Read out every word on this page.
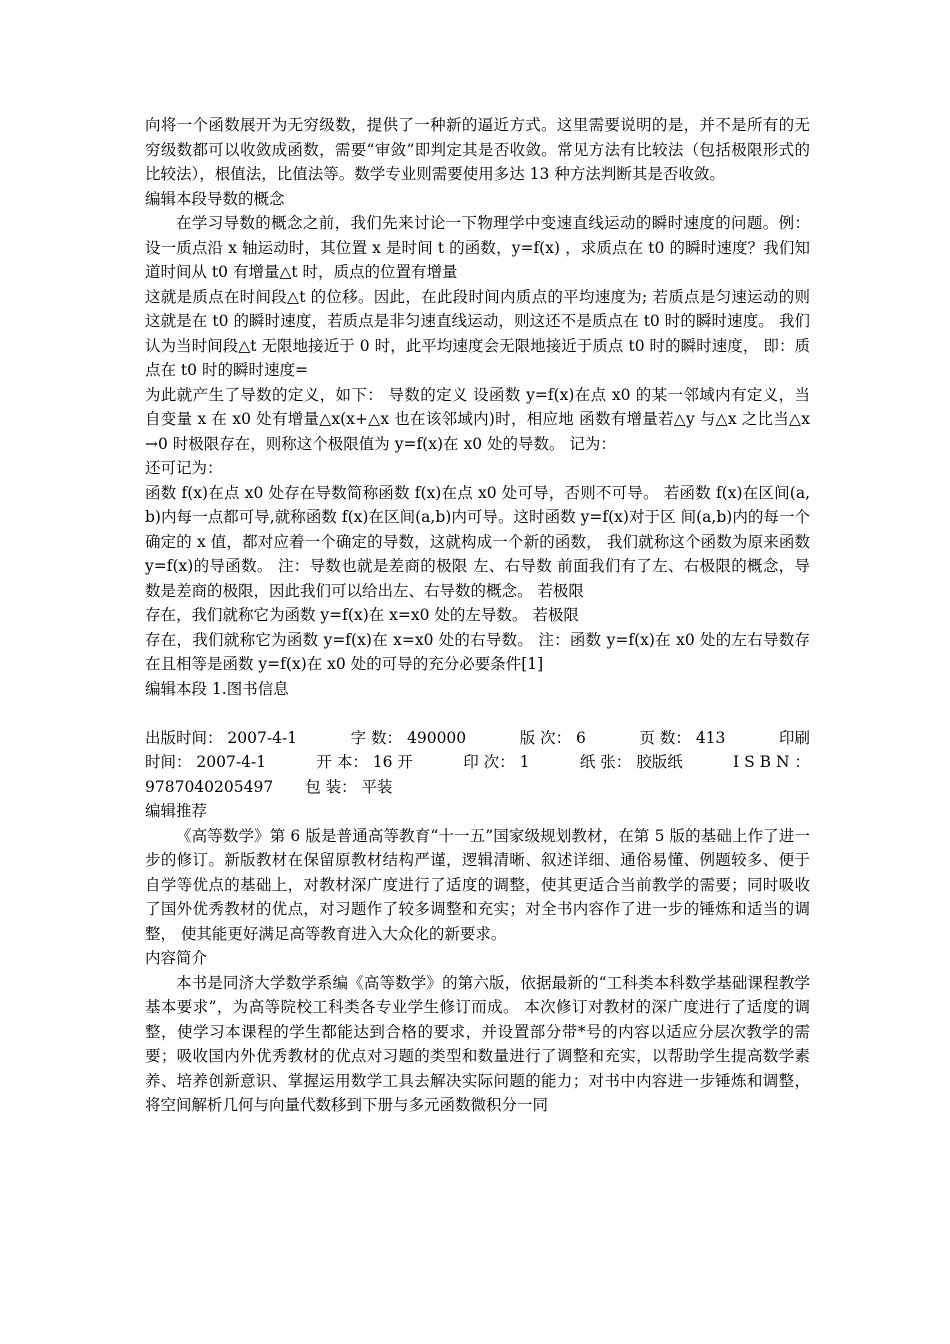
向将一个函数展开为无穷级数，提供了一种新的逼近方式。这里需要说明的是，并不是所有的无穷级数都可以收敛成函数，需要“审敛”即判定其是否收敛。常见方法有比较法（包括极限形式的比较法），根值法，比值法等。数学专业则需要使用多达 13 种方法判断其是否收敛。

编辑本段导数的概念

在学习导数的概念之前，我们先来讨论一下物理学中变速直线运动的瞬时速度的问题。例：设一质点沿 x 轴运动时，其位置 x 是时间 t 的函数，y=f(x) ，求质点在 t0 的瞬时速度？我们知道时间从 t0 有增量△t 时，质点的位置有增量

这就是质点在时间段△t 的位移。因此，在此段时间内质点的平均速度为; 若质点是匀速运动的则这就是在 t0 的瞬时速度，若质点是非匀速直线运动，则这还不是质点在 t0 时的瞬时速度。 我们认为当时间段△t 无限地接近于 0 时，此平均速度会无限地接近于质点 t0 时的瞬时速度， 即：质点在 t0 时的瞬时速度=

为此就产生了导数的定义，如下： 导数的定义 设函数 y=f(x)在点 x0 的某一邻域内有定义，当自变量 x 在 x0 处有增量△x(x+△x 也在该邻域内)时，相应地 函数有增量若△y 与△x 之比当△x→0 时极限存在，则称这个极限值为 y=f(x)在 x0 处的导数。 记为：

还可记为：

函数 f(x)在点 x0 处存在导数简称函数 f(x)在点 x0 处可导，否则不可导。 若函数 f(x)在区间(a,b)内每一点都可导,就称函数 f(x)在区间(a,b)内可导。这时函数 y=f(x)对于区 间(a,b)内的每一个确定的 x 值，都对应着一个确定的导数，这就构成一个新的函数， 我们就称这个函数为原来函数 y=f(x)的导函数。 注：导数也就是差商的极限 左、右导数 前面我们有了左、右极限的概念，导数是差商的极限，因此我们可以给出左、右导数的概念。 若极限

存在，我们就称它为函数 y=f(x)在 x=x0 处的左导数。 若极限

存在，我们就称它为函数 y=f(x)在 x=x0 处的右导数。 注：函数 y=f(x)在 x0 处的左右导数存在且相等是函数 y=f(x)在 x0 处的可导的充分必要条件[1]

编辑本段 1.图书信息

出版时间： 2007-4-1	字 数： 490000	版 次： 6	页 数： 413	印刷
时间： 2007-4-1	开 本： 16 开	印 次： 1	纸 张： 胶版纸	I S B N ：
9787040205497 包 装： 平装

编辑推荐

《高等数学》第 6 版是普通高等教育“十一五”国家级规划教材，在第 5 版的基础上作了进一步的修订。新版教材在保留原教材结构严谨，逻辑清晰、叙述详细、通俗易懂、例题较多、便于自学等优点的基础上，对教材深广度进行了适度的调整，使其更适合当前教学的需要；同时吸收了国外优秀教材的优点，对习题作了较多调整和充实；对全书内容作了进一步的锤炼和适当的调整， 使其能更好满足高等教育进入大众化的新要求。

内容简介

本书是同济大学数学系编《高等数学》的第六版，依据最新的“工科类本科数学基础课程教学基本要求”，为高等院校工科类各专业学生修订而成。 本次修订对教材的深广度进行了适度的调整，使学习本课程的学生都能达到合格的要求，并设置部分带*号的内容以适应分层次教学的需要；吸收国内外优秀教材的优点对习题的类型和数量进行了调整和充实，以帮助学生提高数学素养、培养创新意识、掌握运用数学工具去解决实际问题的能力；对书中内容进一步锤炼和调整，将空间解析几何与向量代数移到下册与多元函数微积分一同
